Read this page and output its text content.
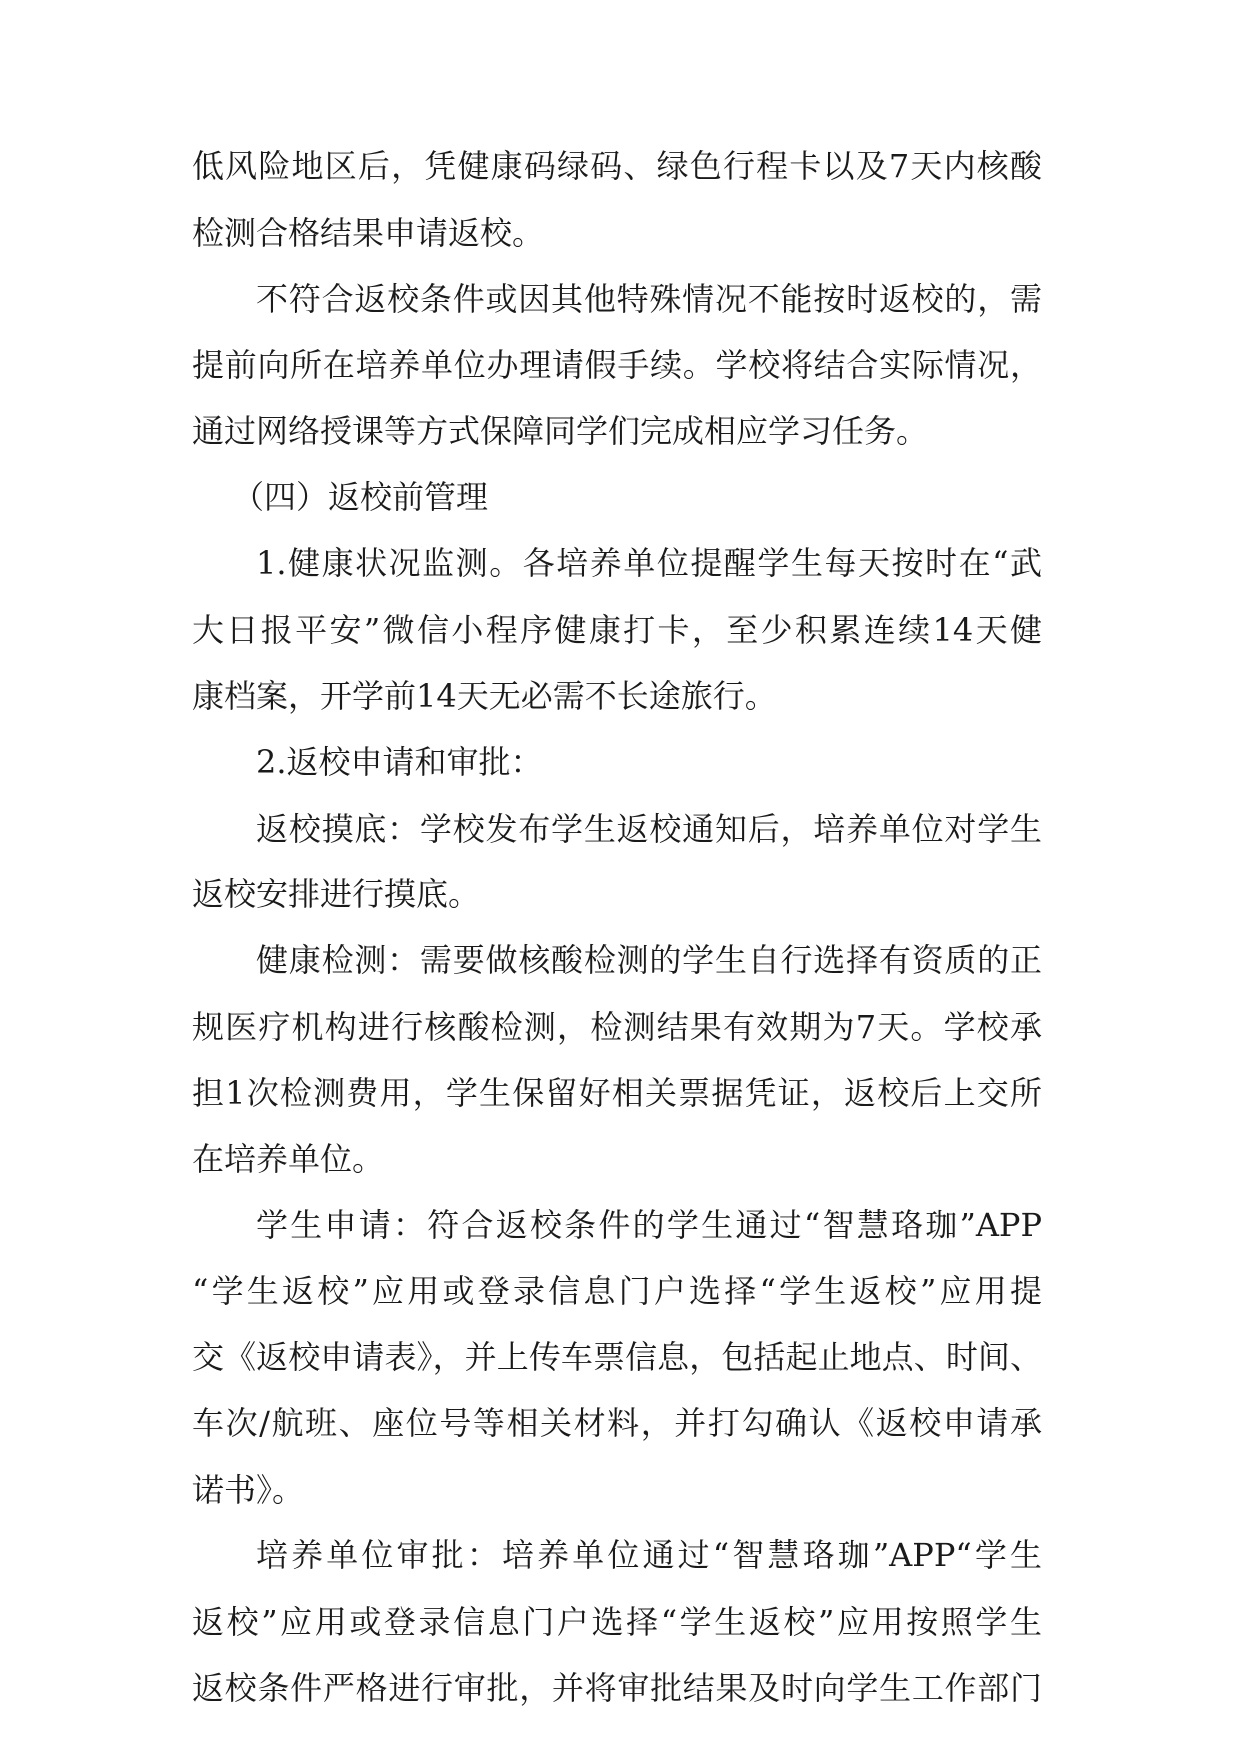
低风险地区后，凭健康码绿码、绿色行程卡以及7天内核酸
检测合格结果申请返校。
不符合返校条件或因其他特殊情况不能按时返校的，需
提前向所在培养单位办理请假手续。学校将结合实际情况，
通过网络授课等方式保障同学们完成相应学习任务。
（四）返校前管理
1.健康状况监测。各培养单位提醒学生每天按时在“武
大日报平安”微信小程序健康打卡，至少积累连续14天健
康档案，开学前14天无必需不长途旅行。
2.返校申请和审批：
返校摸底：学校发布学生返校通知后，培养单位对学生
返校安排进行摸底。
健康检测：需要做核酸检测的学生自行选择有资质的正
规医疗机构进行核酸检测，检测结果有效期为7天。学校承
担1次检测费用，学生保留好相关票据凭证，返校后上交所
在培养单位。
学生申请：符合返校条件的学生通过“智慧珞珈”APP
“学生返校”应用或登录信息门户选择“学生返校”应用提
交《返校申请表》，并上传车票信息，包括起止地点、时间、
车次/航班、座位号等相关材料，并打勾确认《返校申请承
诺书》。
培养单位审批：培养单位通过“智慧珞珈”APP“学生
返校”应用或登录信息门户选择“学生返校”应用按照学生
返校条件严格进行审批，并将审批结果及时向学生工作部门
